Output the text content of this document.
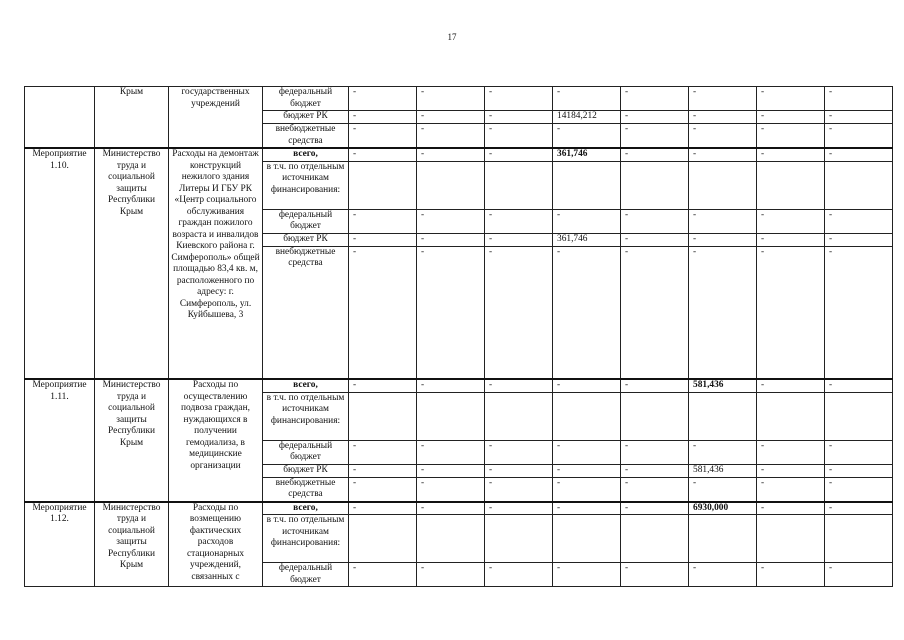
17
	Крым	государственных учреждений	федеральный бюджет	-	-	-	-	-	-	-	-
			бюджет РК	-	-	-	14184,212	-	-	-	-
			внебюджетные средства	-	-	-	-	-	-	-	-
Мероприятие 1.10.	Министерство труда и социальной защиты Республики Крым	Расходы на демонтаж конструкций нежилого здания Литеры И ГБУ РК «Центр социального обслуживания граждан пожилого возраста и инвалидов Киевского района г. Симферополь» общей площадью 83,4 кв. м, расположенного по адресу: г. Симферополь, ул. Куйбышева, 3	всего,	-	-	-	361,746	-	-	-	-
			в т.ч. по отдельным источникам финансирования:								
			федеральный бюджет	-	-	-	-	-	-	-	-
			бюджет РК	-	-	-	361,746	-	-	-	-
			внебюджетные средства	-	-	-	-	-	-	-	-
Мероприятие 1.11.	Министерство труда и социальной защиты Республики Крым	Расходы по осуществлению подвоза граждан, нуждающихся в получении гемодиализа, в медицинские организации	всего,	-	-	-	-	-	581,436	-	-
			в т.ч. по отдельным источникам финансирования:								
			федеральный бюджет	-	-	-	-	-	-	-	-
			бюджет РК	-	-	-	-	-	581,436	-	-
			внебюджетные средства	-	-	-	-	-	-	-	-
Мероприятие 1.12.	Министерство труда и социальной защиты Республики Крым	Расходы по возмещению фактических расходов стационарных учреждений, связанных с	всего,	-	-	-	-	-	6930,000	-	-
			в т.ч. по отдельным источникам финансирования:								
			федеральный бюджет	-	-	-	-	-	-	-	-
